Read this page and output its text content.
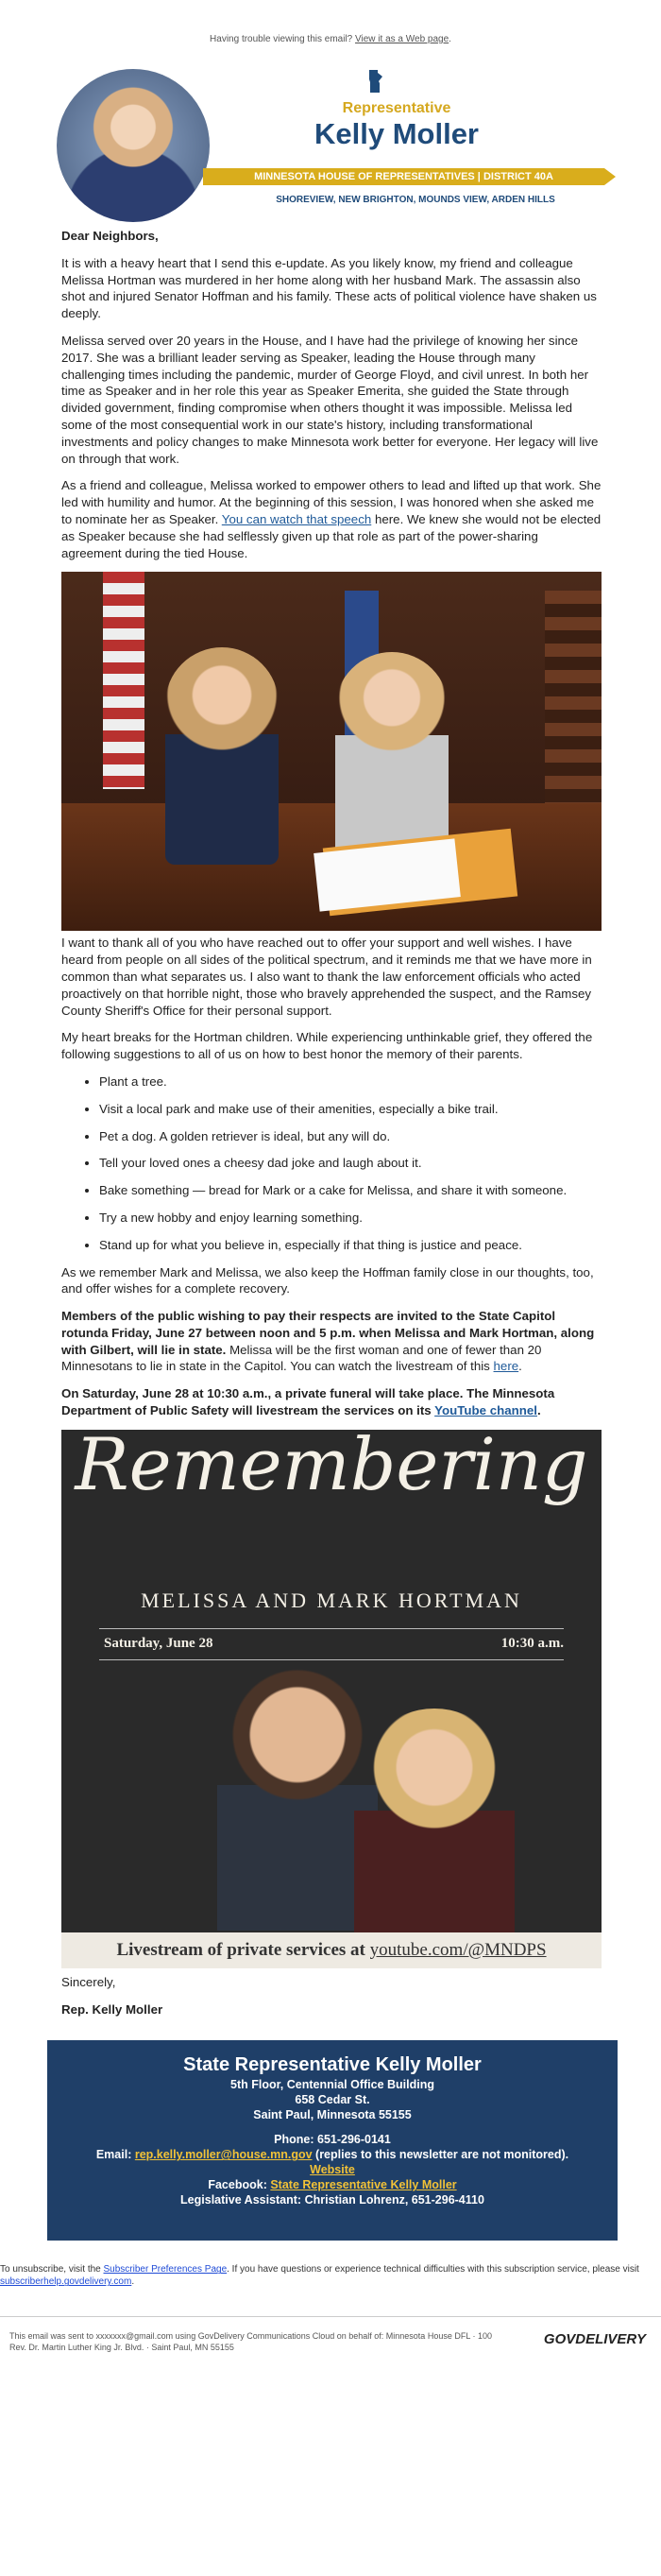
Having trouble viewing this email? View it as a Web page.
Representative
Kelly Moller
MINNESOTA HOUSE OF REPRESENTATIVES | DISTRICT 40A
SHOREVIEW, NEW BRIGHTON, MOUNDS VIEW, ARDEN HILLS

Dear Neighbors,

It is with a heavy heart that I send this e-update. As you likely know, my friend and colleague Melissa Hortman was murdered in her home along with her husband Mark. The assassin also shot and injured Senator Hoffman and his family. These acts of political violence have shaken us deeply.

Melissa served over 20 years in the House, and I have had the privilege of knowing her since 2017. She was a brilliant leader serving as Speaker, leading the House through many challenging times including the pandemic, murder of George Floyd, and civil unrest. In both her time as Speaker and in her role this year as Speaker Emerita, she guided the State through divided government, finding compromise when others thought it was impossible. Melissa led some of the most consequential work in our state's history, including transformational investments and policy changes to make Minnesota work better for everyone. Her legacy will live on through that work.

As a friend and colleague, Melissa worked to empower others to lead and lifted up that work. She led with humility and humor. At the beginning of this session, I was honored when she asked me to nominate her as Speaker. You can watch that speech here. We knew she would not be elected as Speaker because she had selflessly given up that role as part of the power-sharing agreement during the tied House.

I want to thank all of you who have reached out to offer your support and well wishes. I have heard from people on all sides of the political spectrum, and it reminds me that we have more in common than what separates us. I also want to thank the law enforcement officials who acted proactively on that horrible night, those who bravely apprehended the suspect, and the Ramsey County Sheriff's Office for their personal support.

My heart breaks for the Hortman children. While experiencing unthinkable grief, they offered the following suggestions to all of us on how to best honor the memory of their parents.

• Plant a tree.
• Visit a local park and make use of their amenities, especially a bike trail.
• Pet a dog. A golden retriever is ideal, but any will do.
• Tell your loved ones a cheesy dad joke and laugh about it.
• Bake something — bread for Mark or a cake for Melissa, and share it with someone.
• Try a new hobby and enjoy learning something.
• Stand up for what you believe in, especially if that thing is justice and peace.

As we remember Mark and Melissa, we also keep the Hoffman family close in our thoughts, too, and offer wishes for a complete recovery.

Members of the public wishing to pay their respects are invited to the State Capitol rotunda Friday, June 27 between noon and 5 p.m. when Melissa and Mark Hortman, along with Gilbert, will lie in state. Melissa will be the first woman and one of fewer than 20 Minnesotans to lie in state in the Capitol. You can watch the livestream of this here.

On Saturday, June 28 at 10:30 a.m., a private funeral will take place. The Minnesota Department of Public Safety will livestream the services on its YouTube channel.

Remembering
MELISSA AND MARK HORTMAN
Saturday, June 28	10:30 a.m.
Livestream of private services at youtube.com/@MNDPS

Sincerely,

Rep. Kelly Moller

State Representative Kelly Moller
5th Floor, Centennial Office Building
658 Cedar St.
Saint Paul, Minnesota 55155
Phone: 651-296-0141
Email: rep.kelly.moller@house.mn.gov (replies to this newsletter are not monitored).
Website
Facebook: State Representative Kelly Moller
Legislative Assistant: Christian Lohrenz, 651-296-4110
To unsubscribe, visit the Subscriber Preferences Page. If you have questions or experience technical difficulties with this subscription service, please visit subscriberhelp.govdelivery.com.
This email was sent to xxxxxxx@gmail.com using GovDelivery Communications Cloud on behalf of: Minnesota House DFL · 100
Rev. Dr. Martin Luther King Jr. Blvd. · Saint Paul, MN 55155	GOVDELIVERY
